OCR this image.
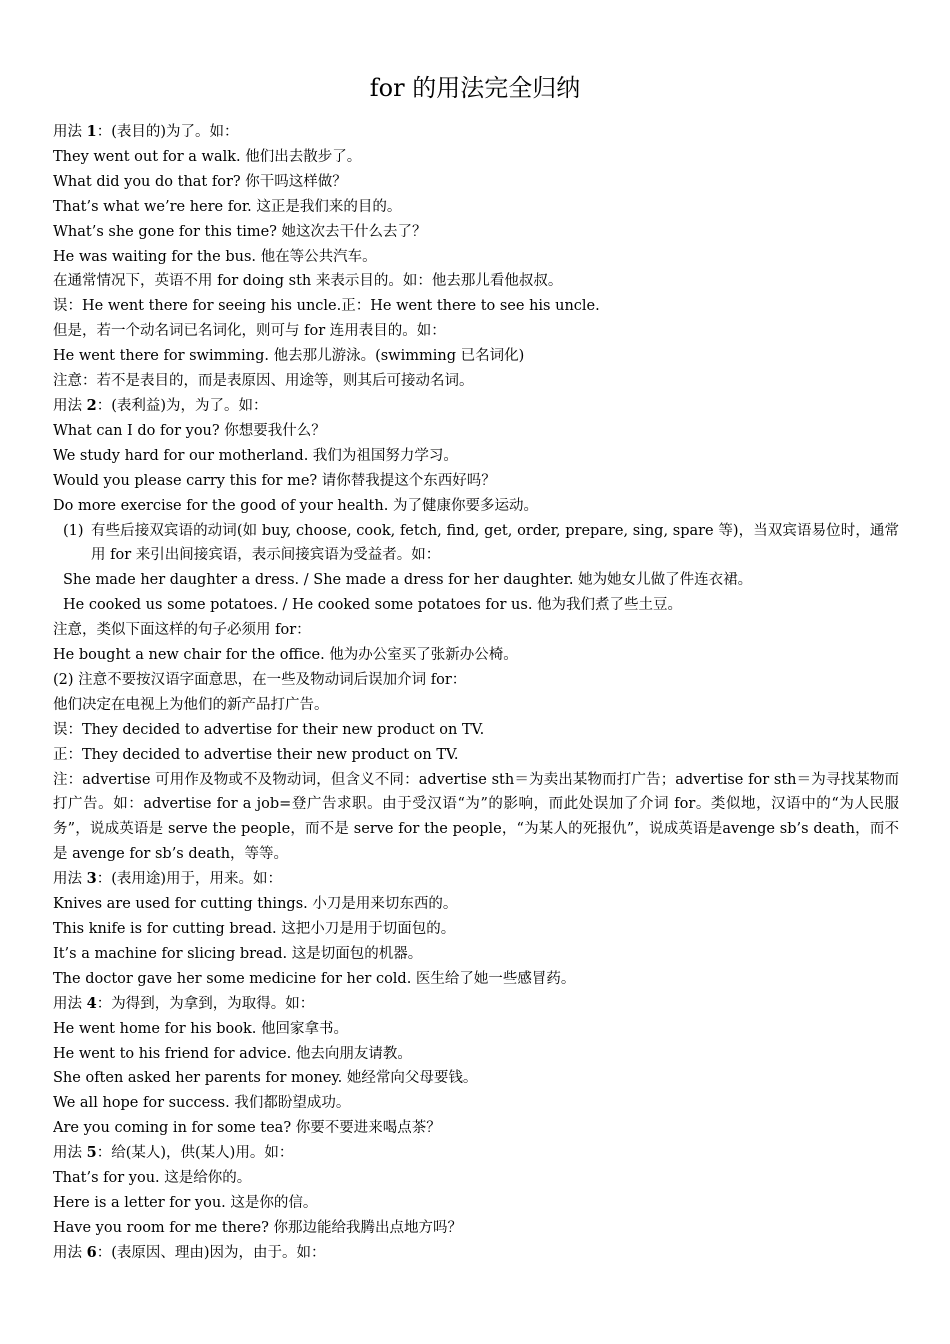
for 的用法完全归纳
用法 1：(表目的)为了。如：
They went out for a walk. 他们出去散步了。
What did you do that for? 你干吗这样做？
That’s what we’re here for. 这正是我们来的目的。
What’s she gone for this time? 她这次去干什么去了？
He was waiting for the bus. 他在等公共汽车。
在通常情况下，英语不用 for doing sth 来表示目的。如：他去那儿看他叔叔。
误：He went there for seeing his uncle.正：He went there to see his uncle.
但是，若一个动名词已名词化，则可与 for 连用表目的。如：
He went there for swimming. 他去那儿游泳。(swimming 已名词化)
注意：若不是表目的，而是表原因、用途等，则其后可接动名词。
用法 2：(表利益)为，为了。如：
What can I do for you? 你想要我什么？
We study hard for our motherland. 我们为祖国努力学习。
Would you please carry this for me? 请你替我提这个东西好吗？
Do more exercise for the good of your health. 为了健康你要多运动。
(1) 有些后接双宾语的动词(如 buy, choose, cook, fetch, find, get, order, prepare, sing, spare 等)，当双宾语易位时，通常用 for 来引出间接宾语，表示间接宾语为受益者。如：
She made her daughter a dress. / She made a dress for her daughter. 她为她女儿做了件连衣裙。
He cooked us some potatoes. / He cooked some potatoes for us. 他为我们煮了些土豆。
注意，类似下面这样的句子必须用 for：
He bought a new chair for the office. 他为办公室买了张新办公椅。
(2) 注意不要按汉语字面意思，在一些及物动词后误加介词 for：
他们决定在电视上为他们的新产品打广告。
误：They decided to advertise for their new product on TV.
正：They decided to advertise their new product on TV.
注：advertise 可用作及物或不及物动词，但含义不同：advertise sth＝为卖出某物而打广告；advertise for sth＝为寻找某物而打广告。如：advertise for a job=登广告求职。由于受汉语“为”的影响，而此处误加了介词 for。类似地，汉语中的“为人民服务”，说成英语是 serve the people，而不是 serve for the people，“为某人的死报仇”，说成英语是avenge sb’s death，而不是 avenge for sb’s death，等等。
用法 3：(表用途)用于，用来。如：
Knives are used for cutting things. 小刀是用来切东西的。
This knife is for cutting bread. 这把小刀是用于切面包的。
It’s a machine for slicing bread. 这是切面包的机器。
The doctor gave her some medicine for her cold. 医生给了她一些感冒药。
用法 4：为得到，为拿到，为取得。如：
He went home for his book. 他回家拿书。
He went to his friend for advice. 他去向朋友请教。
She often asked her parents for money. 她经常向父母要钱。
We all hope for success. 我们都盼望成功。
Are you coming in for some tea? 你要不要进来喝点茶？
用法 5：给(某人)，供(某人)用。如：
That’s for you. 这是给你的。
Here is a letter for you. 这是你的信。
Have you room for me there? 你那边能给我腾出点地方吗？
用法 6：(表原因、理由)因为，由于。如：
